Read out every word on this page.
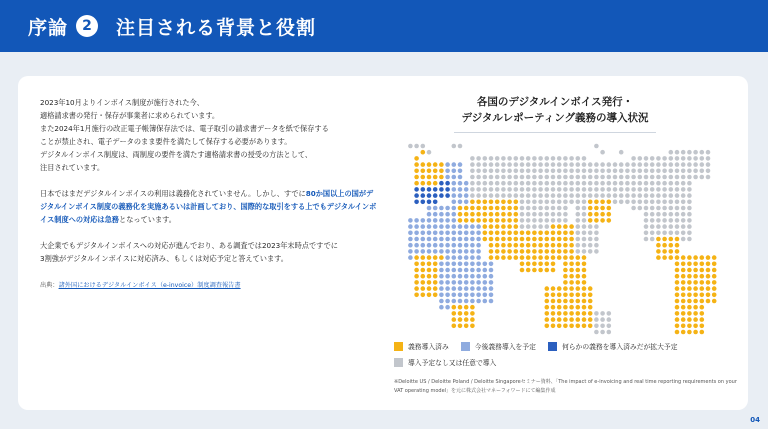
序論	2	注目される背景と役割

2023年10月よりインボイス制度が施行された今、

適格請求書の発行・保存が事業者に求められています。

また2024年1月施行の改正電子帳簿保存法では、電子取引の請求書データを紙で保存する

ことが禁止され、電子データのまま要件を満たして保存する必要があります。

デジタルインボイス制度は、両制度の要件を満たす適格請求書の授受の方法として、

注目されています。

日本ではまだデジタルインボイスの利用は義務化されていません。しかし、すでに80か国以上の国がデジタルインボイス制度の義務化を実施あるいは計画しており、国際的な取引をする上でもデジタルインボイス制度への対応は急務となっています。

大企業でもデジタルインボイスへの対応が進んでおり、ある調査では2023年末時点ですでに

3割強がデジタルインボイスに対応済み、もしくは対応予定と答えています。

出典：諸外国におけるデジタルインボイス（e-invoice）制度調査報告書

各国のデジタルインボイス発行・
デジタルレポーティング義務の導入状況
義務導入済み	今後義務導入を予定	何らかの義務を導入済みだが拡大予定
導入予定なし又は任意で導入
※Deloitte US / Deloitte Poland / Deloitte Singaporeセミナー資料、「The impact of e-invoicing and real time reporting requirements on your VAT operating model」を元に株式会社マネーフォワードにて編集作成
04
